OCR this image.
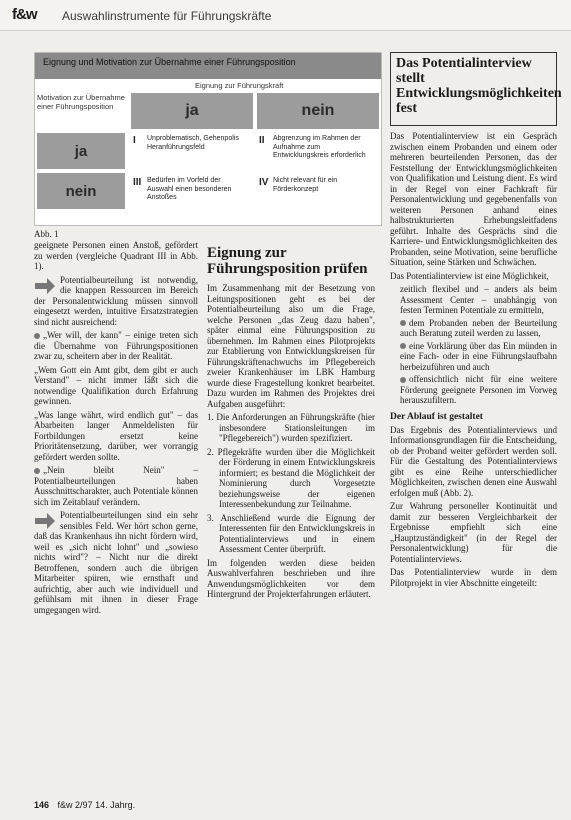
f&w Auswahlinstrumente für Führungskräfte
Eignung und Motivation zur Übernahme einer Führungsposition
Eignung zur Führungskraft
Motivation zur Übernahme einer Führungsposition	ja	nein
ja
nein
I Unproblematisch, Gehenpolis Heranführungsfeld
II Abgrenzung im Rahmen der Aufnahme zum Entwicklungskreis erforderlich
III Bedürfen im Vorfeld der Auswahl einen besonderen Anstoßes
IV Nicht relevant für ein Förderkonzept
Abb. 1

geeignete Personen einen Anstoß, gefördert zu werden (vergleiche Quadrant III in Abb. 1).

Potentialbeurteilung ist notwendig, die knappen Ressourcen im Bereich der Personalentwicklung müssen sinnvoll eingesetzt werden, intuitive Ersatzstrategien sind nicht ausreichend:

„Wer will, der kann" – einige treten sich die Übernahme von Führungspositionen zwar zu, scheitern aber in der Realität.

„Wem Gott ein Amt gibt, dem gibt er auch Verstand" – nicht immer läßt sich die notwendige Qualifikation durch Erfahrung gewinnen.

„Was lange währt, wird endlich gut" – das Abarbeiten langer Anmeldelisten für Fortbildungen ersetzt keine Prioritätensetzung, darüber, wer vorrangig gefördert werden sollte.

„Nein bleibt Nein" – Potentialbeurteilungen haben Ausschnittscharakter, auch Potentiale können sich im Zeitablauf verändern.

Potentialbeurteilungen sind ein sehr sensibles Feld. Wer hört schon gerne, daß das Krankenhaus ihn nicht fördern wird, weil es „sich nicht lohnt" und „sowieso nichts wird"? – Nicht nur die direkt Betroffenen, sondern auch die übrigen Mitarbeiter spüren, wie ernsthaft und aufrichtig, aber auch wie individuell und gefühlsam mit ihnen in dieser Frage umgegangen wird.

Eignung zur Führungsposition prüfen

Im Zusammenhang mit der Besetzung von Leitungspositionen geht es bei der Potentialbeurteilung also um die Frage, welche Personen „das Zeug dazu haben", später einmal eine Führungsposition zu übernehmen. Im Rahmen eines Pilotprojekts zur Etablierung von Entwicklungskreisen für Führungskräftenachwuchs im Pflegebereich zweier Krankenhäuser im LBK Hamburg wurde diese Fragestellung konkret bearbeitet. Dazu wurden im Rahmen des Projektes drei Aufgaben ausgeführt:

1. Die Anforderungen an Führungskräfte (hier insbesondere Stationsleitungen im "Pflegebereich") wurden spezifiziert.
2. Pflegekräfte wurden über die Möglichkeit der Förderung in einem Entwicklungskreis informiert; es bestand die Möglichkeit der Nominierung durch Vorgesetzte beziehungsweise der eigenen Interessenbekundung zur Teilnahme.
3. Anschließend wurde die Eignung der Interessenten für den Entwicklungskreis in Potentialinterviews und in einem Assessment Center überprüft.

Im folgenden werden diese beiden Auswahlverfahren beschrieben und ihre Anwendungsmöglichkeiten vor dem Hintergrund der Projekterfahrungen erläutert.

Das Potentialinterview stellt Entwicklungsmöglichkeiten fest

Das Potentialinterview ist ein Gespräch zwischen einem Probanden und einem oder mehreren beurteilenden Personen, das der Feststellung der Entwicklungsmöglichkeiten von Qualifikation und Leistung dient. Es wird in der Regel von einer Fachkraft für Personalentwicklung und gegebenenfalls von weiteren Personen anhand eines halbstrukturierten Erhebungsleitfadens geführt. Inhalte des Gesprächs sind die Karriere- und Entwicklungsmöglichkeiten des Probanden, seine Motivation, seine berufliche Situation, seine Stärken und Schwächen.

Das Potentialinterview ist eine Möglichkeit,

zeitlich flexibel und – anders als beim Assessment Center – unabhängig von festen Terminen Potentiale zu ermitteln,
dem Probanden neben der Beurteilung auch Beratung zuteil werden zu lassen,
eine Vorklärung über das Ein münden in eine Fach- oder in eine Führungslaufbahn herbeizuführen und auch
offensichtlich nicht für eine weitere Förderung geeignete Personen im Vorweg herauszufiltern.
Der Ablauf ist gestaltet

Das Ergebnis des Potentialinterviews und Informationsgrundlagen für die Entscheidung, ob der Proband weiter gefördert werden soll. Für die Gestaltung des Potentialinterviews gibt es eine Reihe unterschiedlicher Möglichkeiten, zwischen denen eine Auswahl erfolgen muß (Abb. 2).

Zur Wahrung personeller Kontinuität und damit zur besseren Vergleichbarkeit der Ergebnisse empfiehlt sich eine „Hauptzuständigkeit" (in der Regel der Personalentwicklung) für die Potentialinterviews.

Das Potentialinterview wurde in dem Pilotprojekt in vier Abschnitte eingeteilt:

146 f&w 2/97 14. Jahrg.
